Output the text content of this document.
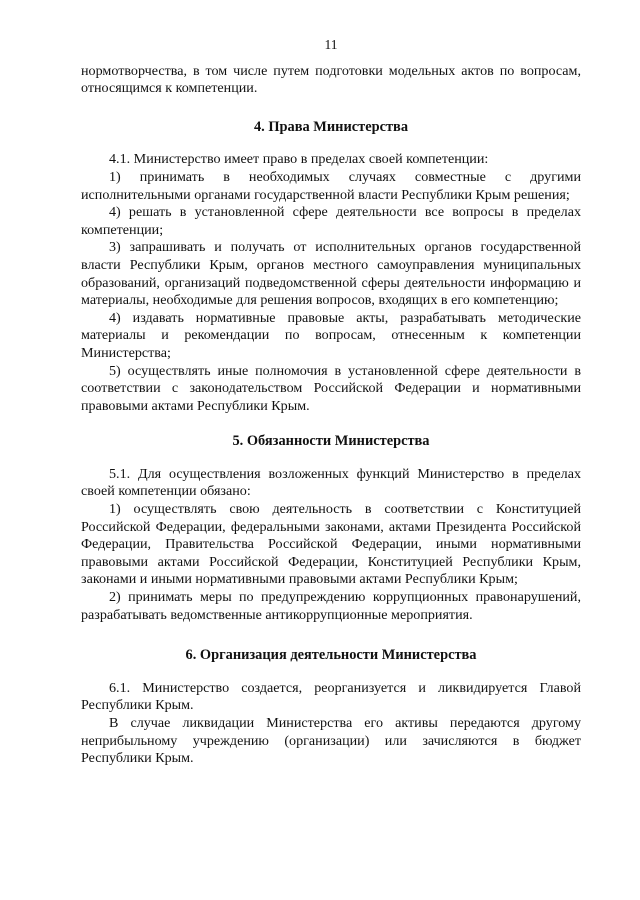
11

нормотворчества, в том числе путем подготовки модельных актов по вопросам, относящимся к компетенции.

4. Права Министерства

4.1. Министерство имеет право в пределах своей компетенции:

1) принимать в необходимых случаях совместные с другими исполнительными органами государственной власти Республики Крым решения;

4) решать в установленной сфере деятельности все вопросы в пределах компетенции;

3) запрашивать и получать от исполнительных органов государственной власти Республики Крым, органов местного самоуправления муниципальных образований, организаций подведомственной сферы деятельности информацию и материалы, необходимые для решения вопросов, входящих в его компетенцию;

4) издавать нормативные правовые акты, разрабатывать методические материалы и рекомендации по вопросам, отнесенным к компетенции Министерства;

5) осуществлять иные полномочия в установленной сфере деятельности в соответствии с законодательством Российской Федерации и нормативными правовыми актами Республики Крым.

5. Обязанности Министерства

5.1. Для осуществления возложенных функций Министерство в пределах своей компетенции обязано:

1) осуществлять свою деятельность в соответствии с Конституцией Российской Федерации, федеральными законами, актами Президента Российской Федерации, Правительства Российской Федерации, иными нормативными правовыми актами Российской Федерации, Конституцией Республики Крым, законами и иными нормативными правовыми актами Республики Крым;

2) принимать меры по предупреждению коррупционных правонарушений, разрабатывать ведомственные антикоррупционные мероприятия.

6. Организация деятельности Министерства

6.1. Министерство создается, реорганизуется и ликвидируется Главой Республики Крым.

В случае ликвидации Министерства его активы передаются другому неприбыльному учреждению (организации) или зачисляются в бюджет Республики Крым.
